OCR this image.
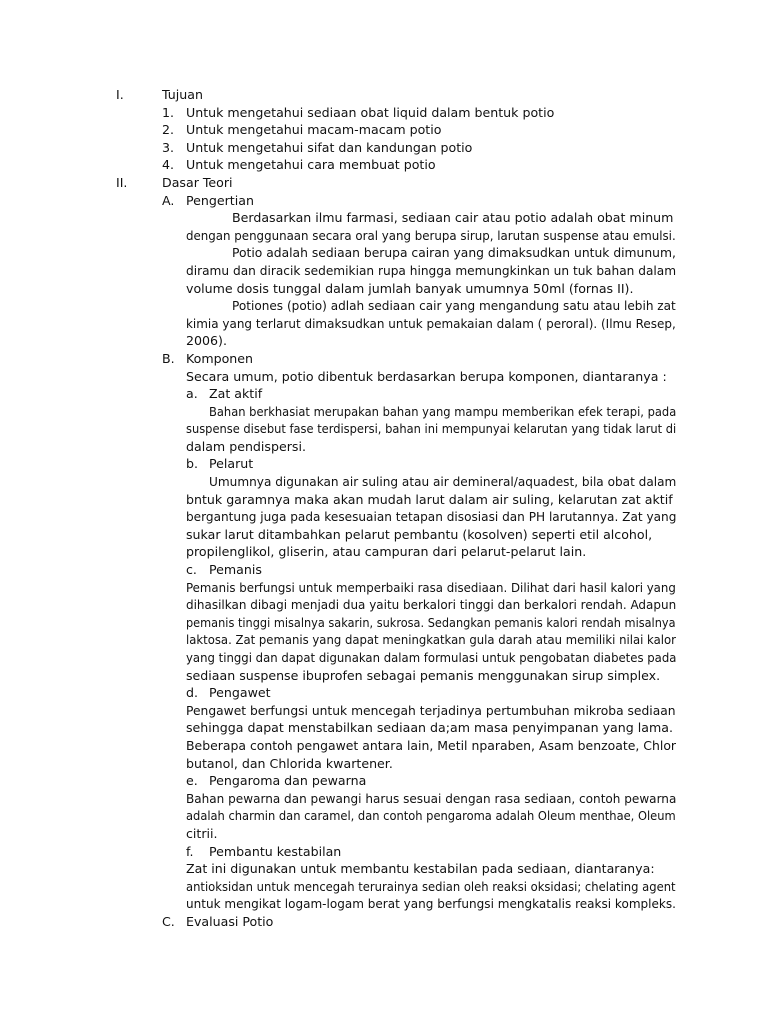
I.	Tujuan
1. Untuk mengetahui sediaan obat liquid dalam bentuk potio
2. Untuk mengetahui macam-macam potio
3. Untuk mengetahui sifat dan kandungan potio
4. Untuk mengetahui cara membuat potio
II.	Dasar Teori
A. Pengertian
Berdasarkan ilmu farmasi, sediaan cair atau potio adalah obat minum
dengan penggunaan secara oral yang berupa sirup, larutan suspense atau emulsi.
Potio adalah sediaan berupa cairan yang dimaksudkan untuk dimunum,
diramu dan diracik sedemikian rupa hingga memungkinkan un tuk bahan dalam
volume dosis tunggal dalam jumlah banyak umumnya 50ml (fornas II).
Potiones (potio) adlah sediaan cair yang mengandung satu atau lebih zat
kimia yang terlarut dimaksudkan untuk pemakaian dalam ( peroral). (Ilmu Resep,
2006).
B. Komponen
Secara umum, potio dibentuk berdasarkan berupa komponen, diantaranya :
a. Zat aktif
Bahan berkhasiat merupakan bahan yang mampu memberikan efek terapi, pada
suspense disebut fase terdispersi, bahan ini mempunyai kelarutan yang tidak larut di
dalam pendispersi.
b. Pelarut
Umumnya digunakan air suling atau air demineral/aquadest, bila obat dalam
bntuk garamnya maka akan mudah larut dalam air suling, kelarutan zat aktif
bergantung juga pada kesesuaian tetapan disosiasi dan PH larutannya. Zat yang
sukar larut ditambahkan pelarut pembantu (kosolven) seperti etil alcohol,
propilenglikol, gliserin, atau campuran dari pelarut-pelarut lain.
c. Pemanis
Pemanis berfungsi untuk memperbaiki rasa disediaan. Dilihat dari hasil kalori yang
dihasilkan dibagi menjadi dua yaitu berkalori tinggi dan berkalori rendah. Adapun
pemanis tinggi misalnya sakarin, sukrosa. Sedangkan pemanis kalori rendah misalnya
laktosa. Zat pemanis yang dapat meningkatkan gula darah atau memiliki nilai kalor
yang tinggi dan dapat digunakan dalam formulasi untuk pengobatan diabetes pada
sediaan suspense ibuprofen sebagai pemanis menggunakan sirup simplex.
d. Pengawet
Pengawet berfungsi untuk mencegah terjadinya pertumbuhan mikroba sediaan
sehingga dapat menstabilkan sediaan da;am masa penyimpanan yang lama.
Beberapa contoh pengawet antara lain, Metil nparaben, Asam benzoate, Chlor
butanol, dan Chlorida kwartener.
e. Pengaroma dan pewarna
Bahan pewarna dan pewangi harus sesuai dengan rasa sediaan, contoh pewarna
adalah charmin dan caramel, dan contoh pengaroma adalah Oleum menthae, Oleum
citrii.
f. Pembantu kestabilan
Zat ini digunakan untuk membantu kestabilan pada sediaan, diantaranya:
antioksidan untuk mencegah terurainya sedian oleh reaksi oksidasi; chelating agent
untuk mengikat logam-logam berat yang berfungsi mengkatalis reaksi kompleks.
C. Evaluasi Potio
